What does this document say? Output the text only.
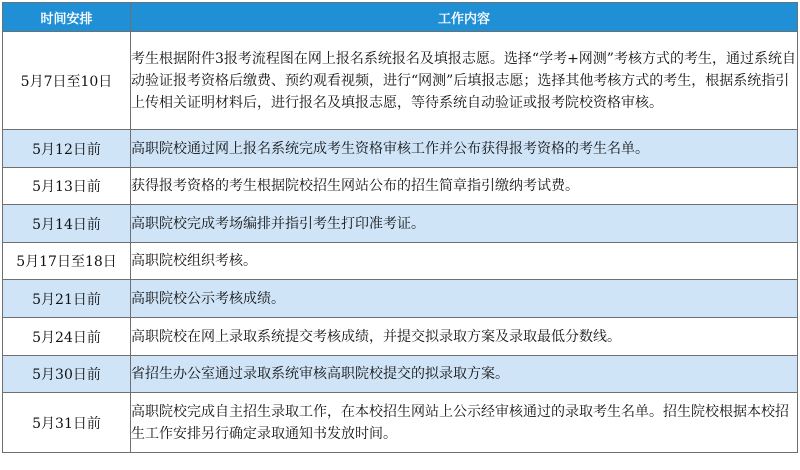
时间安排	工作内容
5月7日至10日	考生根据附件3报考流程图在网上报名系统报名及填报志愿。选择“学考+网测”考核方式的考生，通过系统自动验证报考资格后缴费、预约观看视频，进行“网测”后填报志愿；选择其他考核方式的考生，根据系统指引上传相关证明材料后，进行报名及填报志愿，等待系统自动验证或报考院校资格审核。
5月12日前	高职院校通过网上报名系统完成考生资格审核工作并公布获得报考资格的考生名单。
5月13日前	获得报考资格的考生根据院校招生网站公布的招生简章指引缴纳考试费。
5月14日前	高职院校完成考场编排并指引考生打印准考证。
5月17日至18日	高职院校组织考核。
5月21日前	高职院校公示考核成绩。
5月24日前	高职院校在网上录取系统提交考核成绩，并提交拟录取方案及录取最低分数线。
5月30日前	省招生办公室通过录取系统审核高职院校提交的拟录取方案。
5月31日前	高职院校完成自主招生录取工作，在本校招生网站上公示经审核通过的录取考生名单。招生院校根据本校招生工作安排另行确定录取通知书发放时间。
